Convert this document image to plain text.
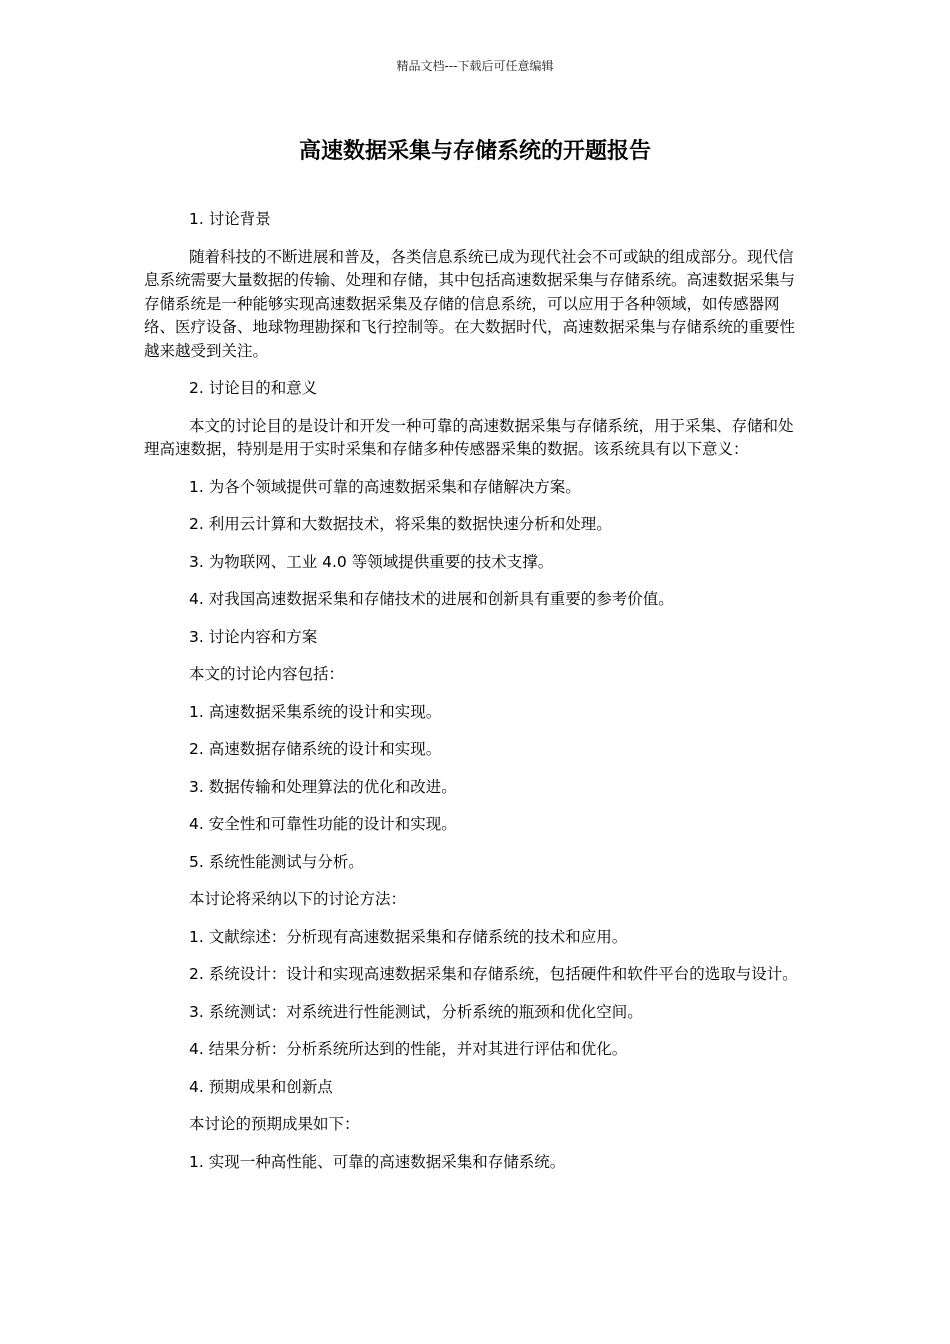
精品文档---下载后可任意编辑
高速数据采集与存储系统的开题报告

1. 讨论背景

随着科技的不断进展和普及，各类信息系统已成为现代社会不可或缺的组成部分。现代信息系统需要大量数据的传输、处理和存储，其中包括高速数据采集与存储系统。高速数据采集与存储系统是一种能够实现高速数据采集及存储的信息系统，可以应用于各种领域，如传感器网络、医疗设备、地球物理勘探和飞行控制等。在大数据时代，高速数据采集与存储系统的重要性越来越受到关注。

2. 讨论目的和意义

本文的讨论目的是设计和开发一种可靠的高速数据采集与存储系统，用于采集、存储和处理高速数据，特别是用于实时采集和存储多种传感器采集的数据。该系统具有以下意义：

1. 为各个领域提供可靠的高速数据采集和存储解决方案。

2. 利用云计算和大数据技术，将采集的数据快速分析和处理。

3. 为物联网、工业 4.0 等领域提供重要的技术支撑。

4. 对我国高速数据采集和存储技术的进展和创新具有重要的参考价值。

3. 讨论内容和方案

本文的讨论内容包括：

1. 高速数据采集系统的设计和实现。

2. 高速数据存储系统的设计和实现。

3. 数据传输和处理算法的优化和改进。

4. 安全性和可靠性功能的设计和实现。

5. 系统性能测试与分析。

本讨论将采纳以下的讨论方法：

1. 文献综述：分析现有高速数据采集和存储系统的技术和应用。

2. 系统设计：设计和实现高速数据采集和存储系统，包括硬件和软件平台的选取与设计。

3. 系统测试：对系统进行性能测试，分析系统的瓶颈和优化空间。

4. 结果分析：分析系统所达到的性能，并对其进行评估和优化。

4. 预期成果和创新点

本讨论的预期成果如下：

1. 实现一种高性能、可靠的高速数据采集和存储系统。
